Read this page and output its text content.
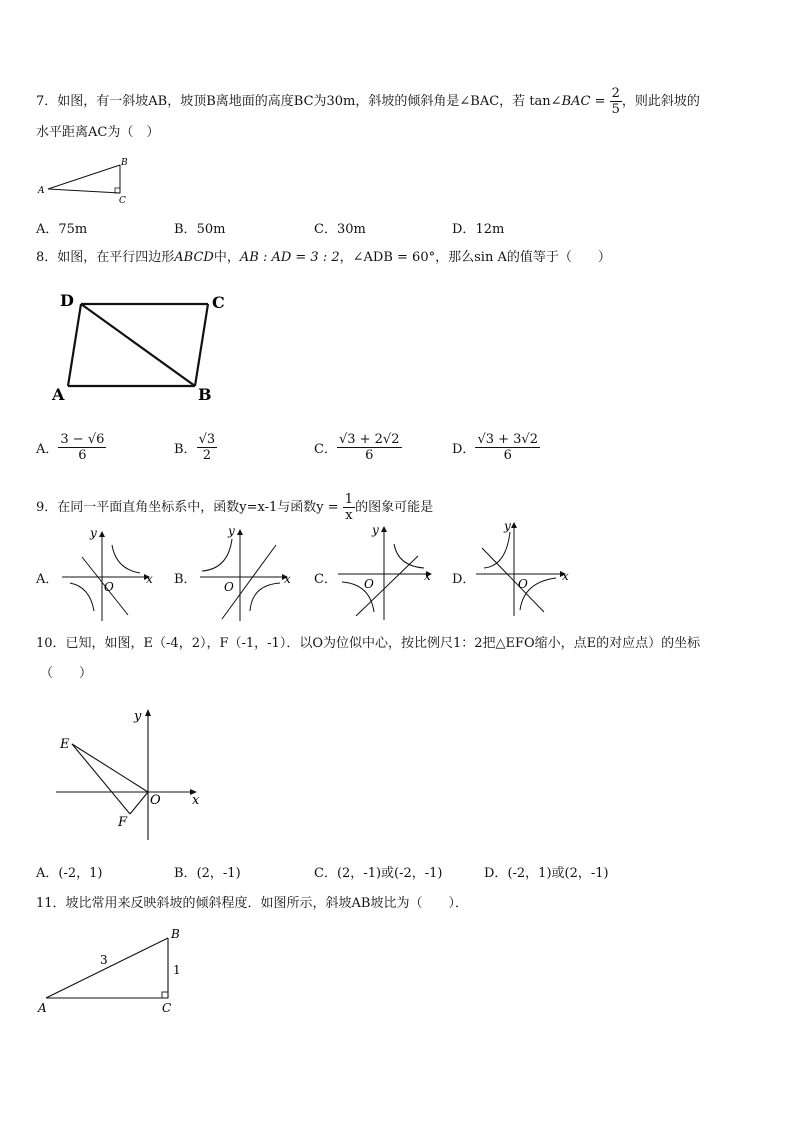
7．如图，有一斜坡AB，坡顶B离地面的高度BC为30m，斜坡的倾斜角是∠BAC，若 tan∠BAC = $\frac{2}{5}$ ，则此斜坡的
水平距离AC为（　）
A
B
C
A．75m	B．50m	C．30m	D．12m
8．如图，在平行四边形ABCD中，AB : AD = 3 : 2，∠ADB = 60°，那么sin A的值等于（　　）
D	C
A	B
A． $\frac{3 - √6}{6}$	B． $\frac{√3}{2}$	C． $\frac{√3 + 2√2}{6}$	D． $\frac{√3 + 3√2}{6}$
9．在同一平面直角坐标系中，函数y=x-1与函数$y = \frac{1}{x}$ 的图象可能是
A．
y
x
O	B．
y
x
O	C．
y
x
O	D．
y
x
O
10．已知，如图，E（-4，2），F（-1，-1）．以O为位似中心，按比例尺1：2把△EFO缩小，点E的对应点）的坐标
（　　）
E
F
O x
y
A．(-2，1)	B．(2，-1)	C．(2，-1)或(-2，-1)	D．(-2，1)或(2，-1)
11．坡比常用来反映斜坡的倾斜程度．如图所示，斜坡AB坡比为（　　）．
A
B
C
3
1
